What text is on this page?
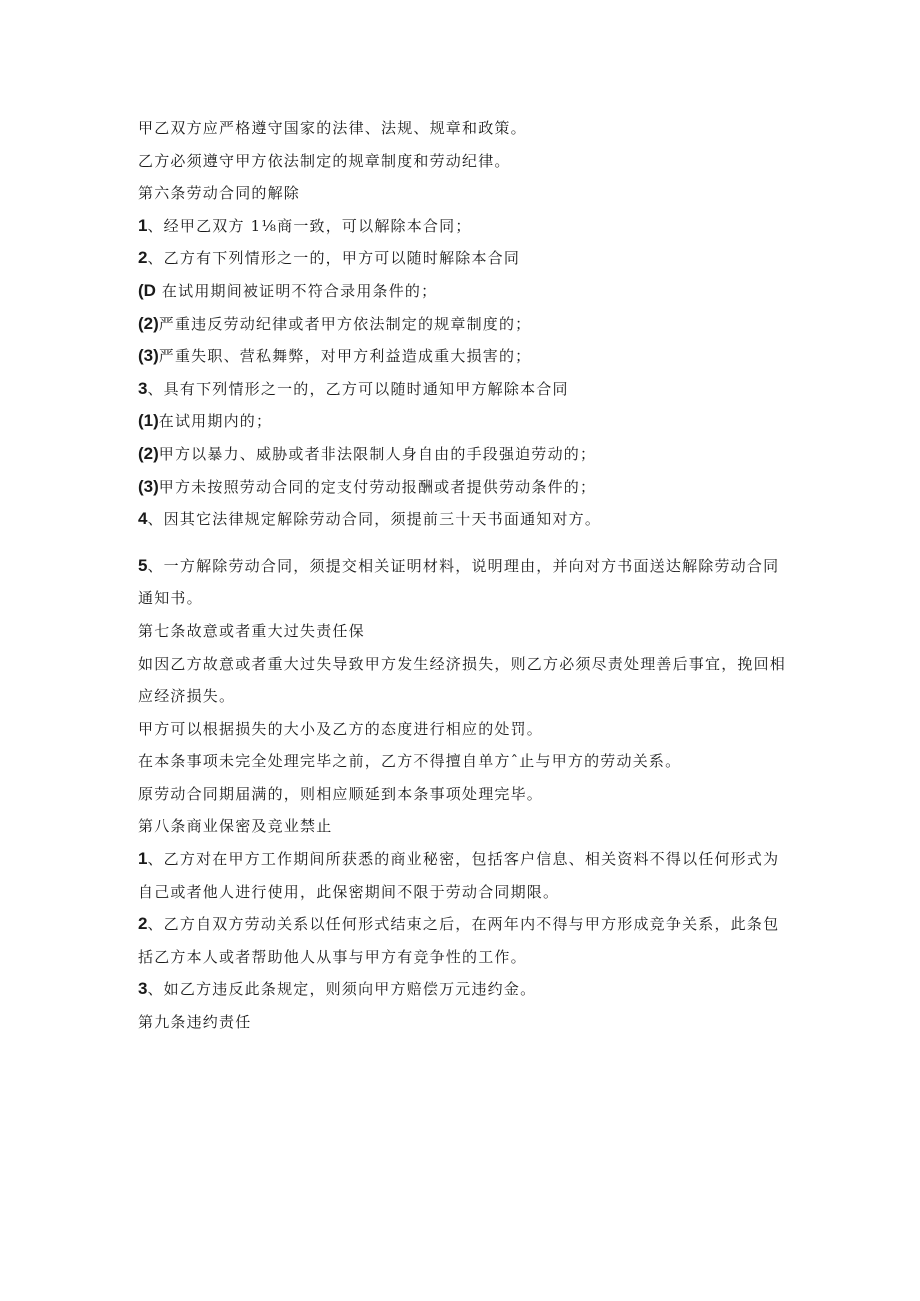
甲乙双方应严格遵守国家的法律、法规、规章和政策。

乙方必须遵守甲方依法制定的规章制度和劳动纪律。

第六条劳动合同的解除

1、经甲乙双方 1⅛商一致，可以解除本合同；

2、乙方有下列情形之一的，甲方可以随时解除本合同

(D 在试用期间被证明不符合录用条件的；

(2)严重违反劳动纪律或者甲方依法制定的规章制度的；

(3)严重失职、营私舞弊，对甲方利益造成重大损害的；

3、具有下列情形之一的，乙方可以随时通知甲方解除本合同

(1)在试用期内的；

(2)甲方以暴力、威胁或者非法限制人身自由的手段强迫劳动的；

(3)甲方未按照劳动合同的定支付劳动报酬或者提供劳动条件的；

4、因其它法律规定解除劳动合同，须提前三十天书面通知对方。

5、一方解除劳动合同，须提交相关证明材料，说明理由，并向对方书面送达解除劳动合同通知书。

第七条故意或者重大过失责任保

如因乙方故意或者重大过失导致甲方发生经济损失，则乙方必须尽责处理善后事宜，挽回相应经济损失。

甲方可以根据损失的大小及乙方的态度进行相应的处罚。

在本条事项未完全处理完毕之前，乙方不得擅自单方ˆ止与甲方的劳动关系。

原劳动合同期届满的，则相应顺延到本条事项处理完毕。

第八条商业保密及竞业禁止

1、乙方对在甲方工作期间所获悉的商业秘密，包括客户信息、相关资料不得以任何形式为自己或者他人进行使用，此保密期间不限于劳动合同期限。

2、乙方自双方劳动关系以任何形式结束之后，在两年内不得与甲方形成竞争关系，此条包括乙方本人或者帮助他人从事与甲方有竞争性的工作。

3、如乙方违反此条规定，则须向甲方赔偿万元违约金。

第九条违约责任
